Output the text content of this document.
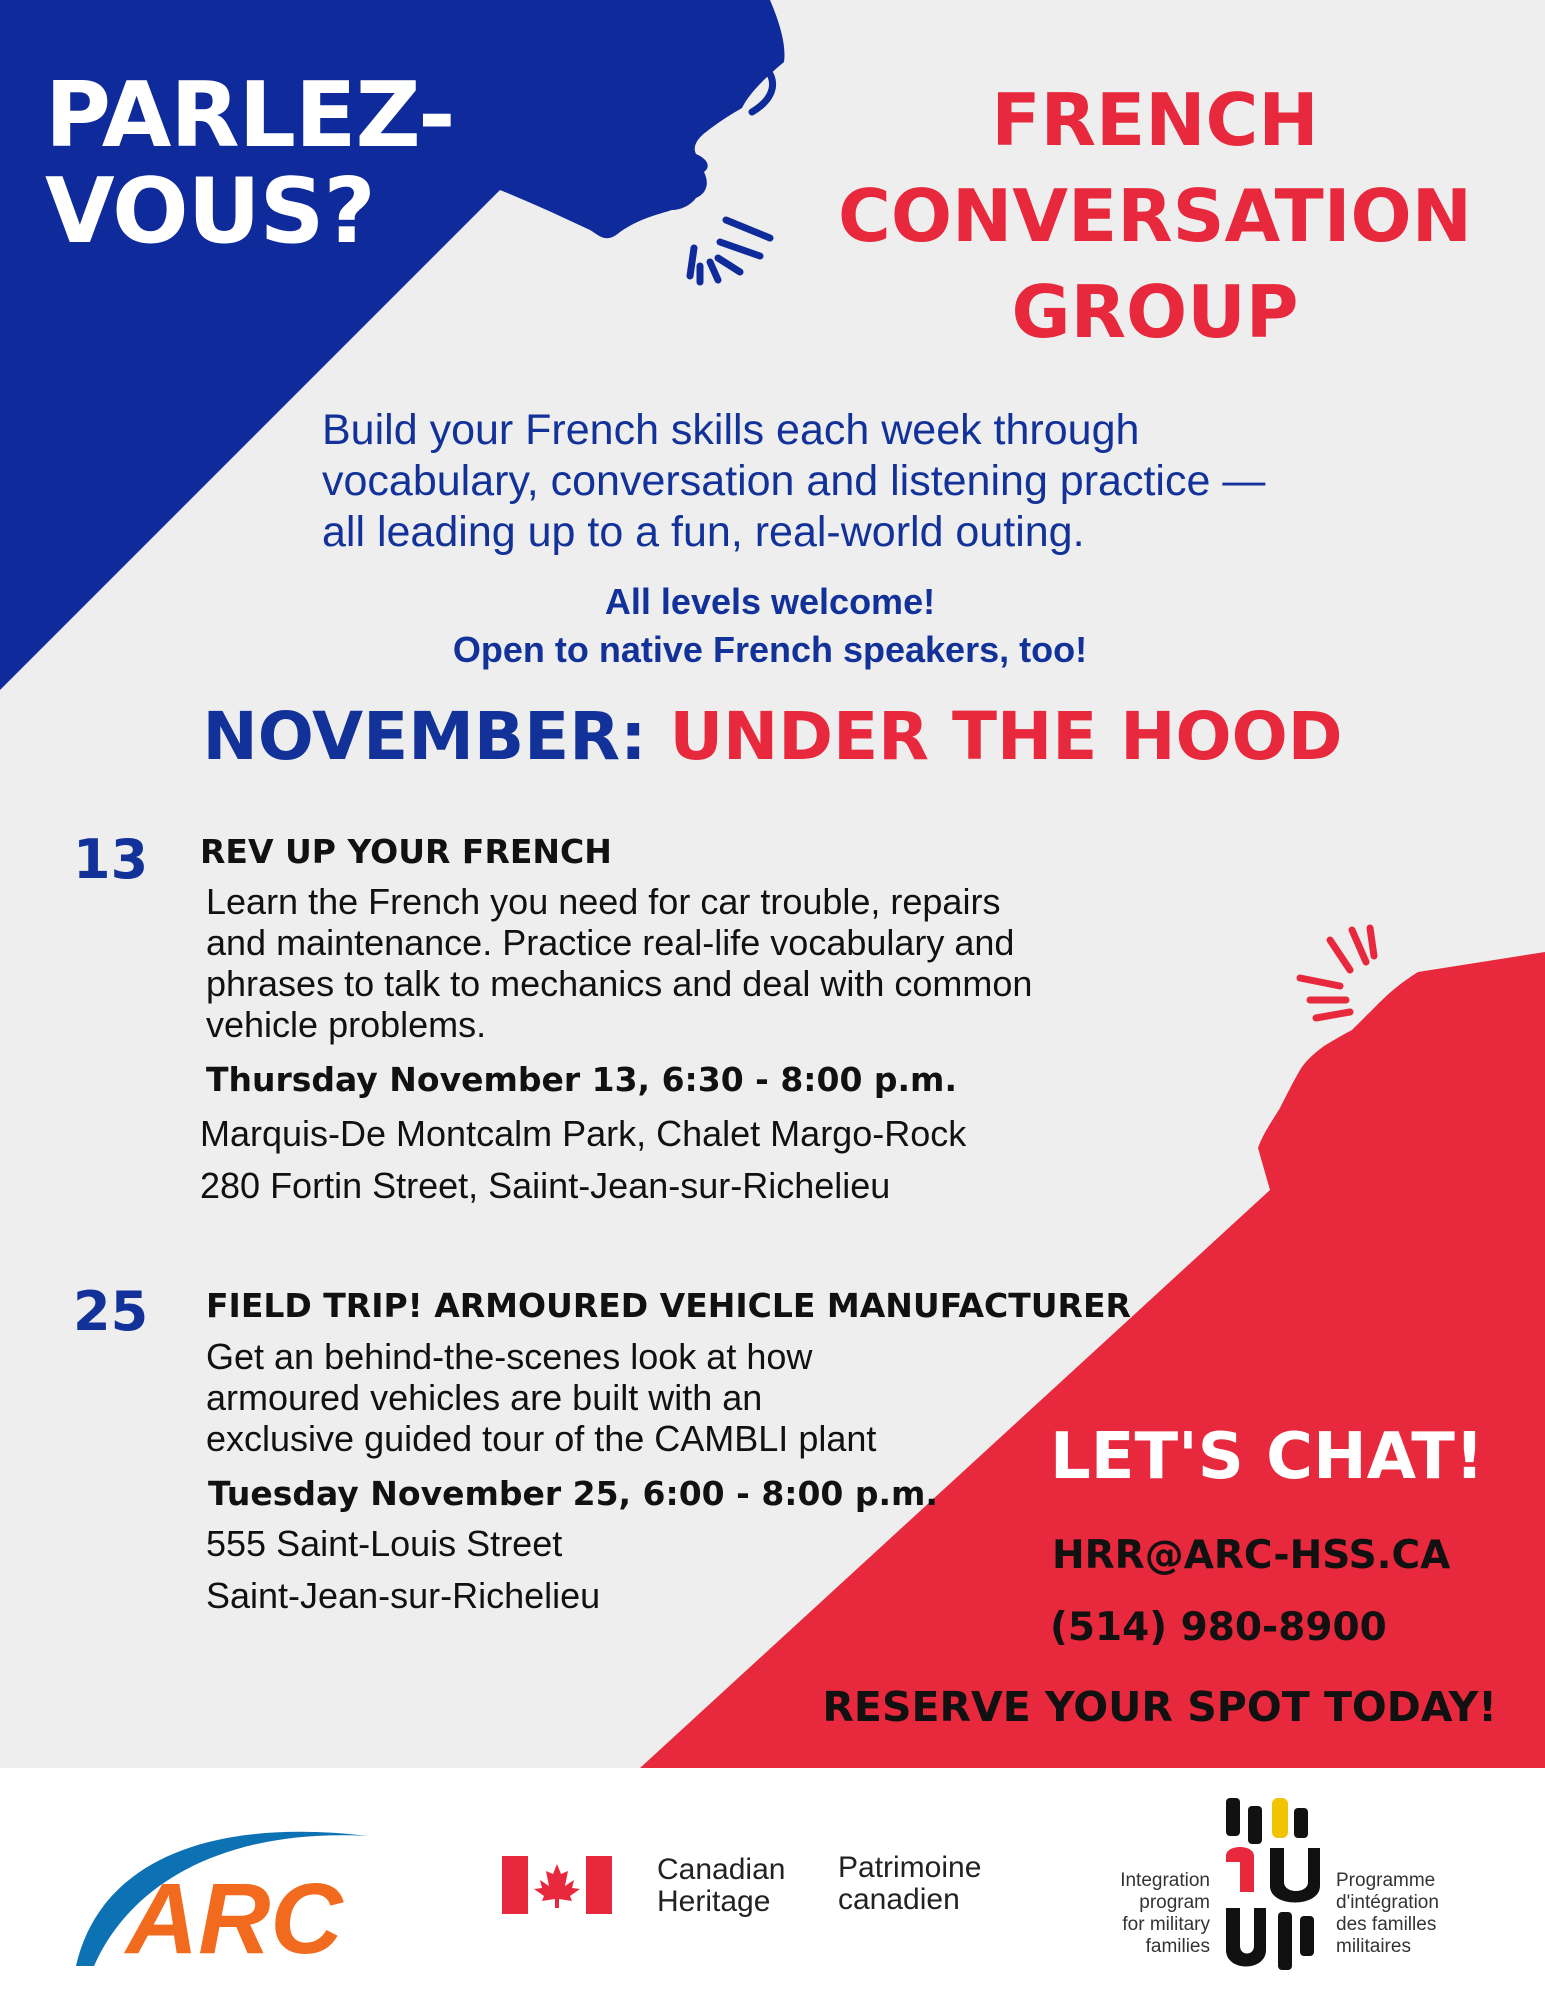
PARLEZ-
VOUS?
FRENCH
CONVERSATION
GROUP
Build your French skills each week through
vocabulary, conversation and listening practice —
all leading up to a fun, real-world outing.
All levels welcome!
Open to native French speakers, too!
NOVEMBER: UNDER THE HOOD
13 REV UP YOUR FRENCH
Learn the French you need for car trouble, repairs
and maintenance. Practice real-life vocabulary and
phrases to talk to mechanics and deal with common
vehicle problems.
Thursday November 13, 6:30 - 8:00 p.m.
Marquis-De Montcalm Park, Chalet Margo-Rock
280 Fortin Street, Saiint-Jean-sur-Richelieu
25 FIELD TRIP! ARMOURED VEHICLE MANUFACTURER
Get an behind-the-scenes look at how
armoured vehicles are built with an
exclusive guided tour of the CAMBLI plant
Tuesday November 25, 6:00 - 8:00 p.m.
555 Saint-Louis Street
Saint-Jean-sur-Richelieu
LET'S CHAT!
HRR@ARC-HSS.CA
(514) 980-8900
RESERVE YOUR SPOT TODAY!
ARC	Canadian
Heritage
Patrimoine
canadien
Integration
program
for military
families
Programme
d'intégration
des familles
militaires
